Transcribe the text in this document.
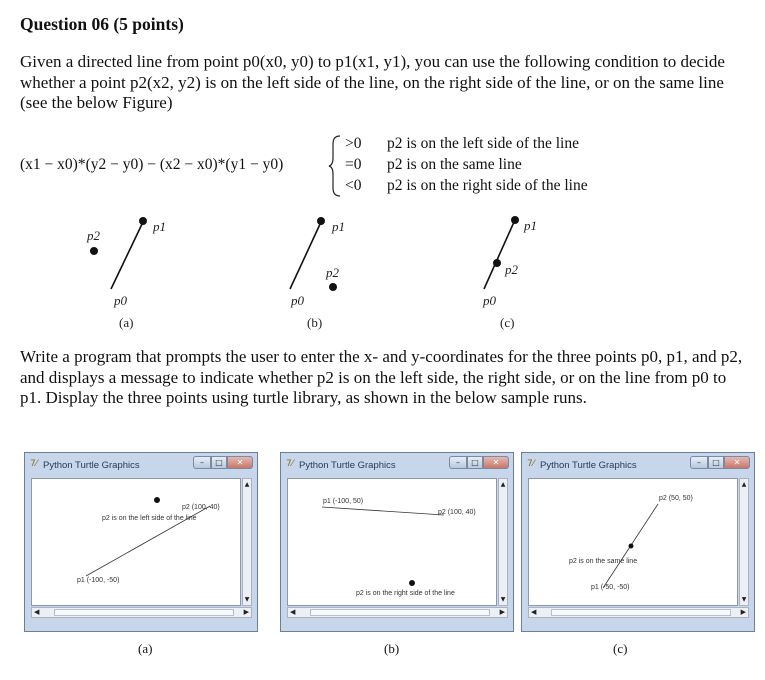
Question 06 (5 points)
Given a directed line from point p0(x0, y0) to p1(x1, y1), you can use the following condition to decide whether a point p2(x2, y2) is on the left side of the line, on the right side of the line, or on the same line (see the below Figure)
(x1 − x0)*(y2 − y0) − (x2 − x0)*(y1 − y0)
>0 p2 is on the left side of the line
=0 p2 is on the same line
<0 p2 is on the right side of the line
p1
p2
p0
(a)
p1
p2
p0
(b)
p1
p2
p0
(c)
Write a program that prompts the user to enter the x- and y-coordinates for the three points p0, p1, and p2, and displays a message to indicate whether p2 is on the left side, the right side, or on the line from p0 to p1. Display the three points using turtle library, as shown in the below sample runs.
7⁄ Python Turtle Graphics	–	□	✕
p2 (100, 40)
p2 is on the left side of the line
p1 (-100, -50)
▲
▼
◀	▶
7⁄ Python Turtle Graphics	–	□	✕
p1 (-100, 50)
p2 (100, 40)
p2 is on the right side of the line
▲
▼
◀	▶
7⁄ Python Turtle Graphics	–	□	✕
p2 (50, 50)
p2 is on the same line
p1 (-50, -50)
▲
▼
◀	▶
(a)	(b)	(c)
